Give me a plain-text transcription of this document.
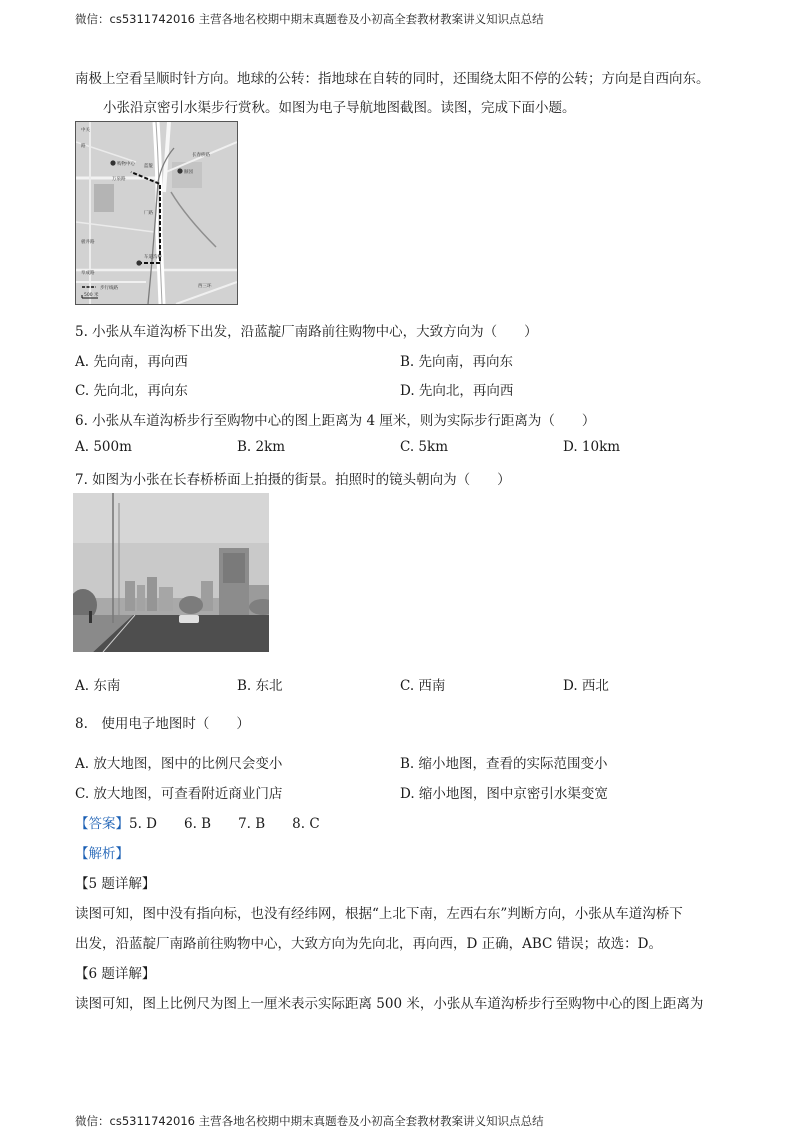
微信：cs5311742016 主营各地名校期中期末真题卷及小初高全套教材教案讲义知识点总结
南极上空看呈顺时针方向。地球的公转：指地球在自转的同时，还围绕太阳不停的公转；方向是自西向东。
小张沿京密引水渠步行赏秋。如图为电子导航地图截图。读图，完成下面小题。
中关
路
购物中心
长春桥路
蓝靛
厂路
颐园
万泉路
车道沟桥
板井路
阜成路
西三环
步行线路
500 米
5. 小张从车道沟桥下出发，沿蓝靛厂南路前往购物中心，大致方向为（　　）
A. 先向南，再向西	B. 先向南，再向东
C. 先向北，再向东	D. 先向北，再向西
6. 小张从车道沟桥步行至购物中心的图上距离为 4 厘米，则为实际步行距离为（　　）
A. 500m	B. 2km	C. 5km	D. 10km
7. 如图为小张在长春桥桥面上拍摄的街景。拍照时的镜头朝向为（　　）
A. 东南	B. 东北	C. 西南	D. 西北
8.　使用电子地图时（　　）
A. 放大地图，图中的比例尺会变小	B. 缩小地图，查看的实际范围变小
C. 放大地图，可查看附近商业门店	D. 缩小地图，图中京密引水渠变宽
【答案】5. D　　6. B　　7. B　　8. C
【解析】
【5 题详解】
读图可知，图中没有指向标，也没有经纬网，根据“上北下南，左西右东”判断方向，小张从车道沟桥下
出发，沿蓝靛厂南路前往购物中心，大致方向为先向北，再向西，D 正确，ABC 错误；故选：D。
【6 题详解】
读图可知，图上比例尺为图上一厘米表示实际距离 500 米，小张从车道沟桥步行至购物中心的图上距离为
微信：cs5311742016 主营各地名校期中期末真题卷及小初高全套教材教案讲义知识点总结
